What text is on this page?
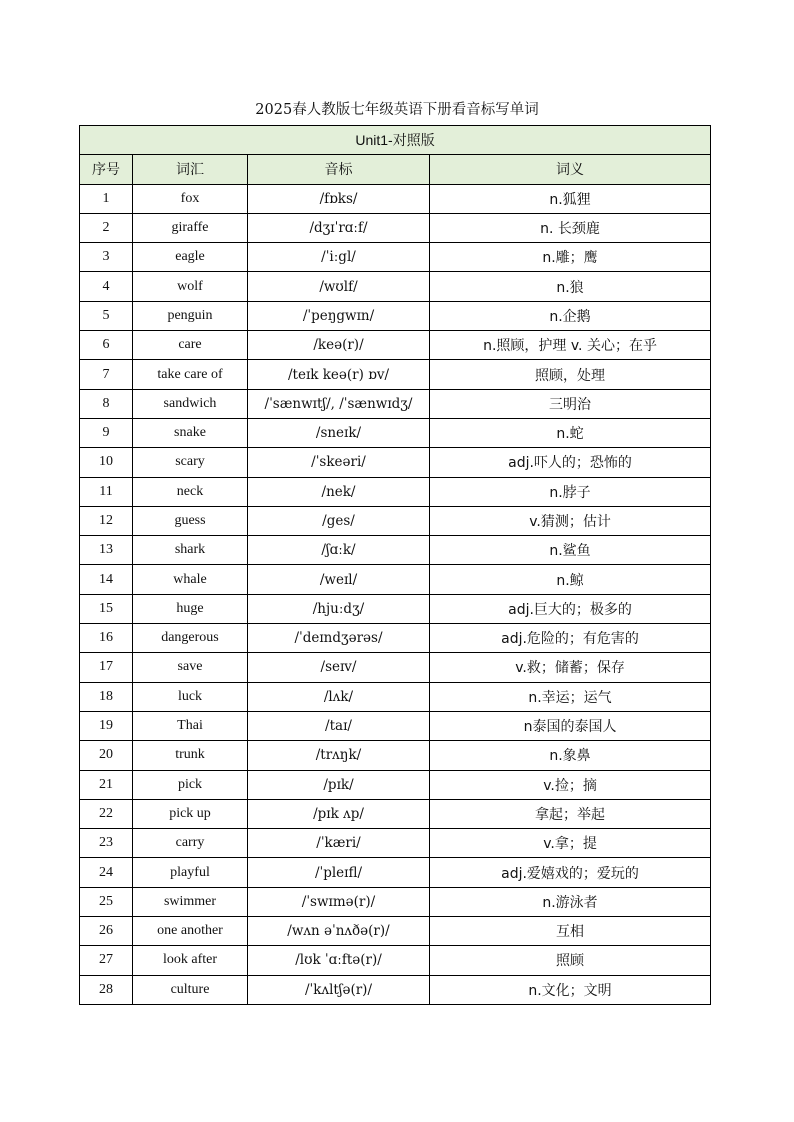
2025春人教版七年级英语下册看音标写单词
Unit1-对照版			
序号	词汇	音标	词义
1	fox	/fɒks/	n.狐狸
2	giraffe	/dʒɪˈrɑːf/	n. 长颈鹿
3	eagle	/ˈiːgl/	n.雕；鹰
4	wolf	/wʊlf/	n.狼
5	penguin	/ˈpeŋgwɪn/	n.企鹅
6	care	/keə(r)/	n.照顾，护理 v. 关心；在乎
7	take care of	/teɪk keə(r) ɒv/	照顾，处理
8	sandwich	/ˈsænwɪtʃ/, /ˈsænwɪdʒ/	三明治
9	snake	/sneɪk/	n.蛇
10	scary	/ˈskeəri/	adj.吓人的；恐怖的
11	neck	/nek/	n.脖子
12	guess	/ges/	v.猜测；估计
13	shark	/ʃɑːk/	n.鲨鱼
14	whale	/weɪl/	n.鲸
15	huge	/hjuːdʒ/	adj.巨大的；极多的
16	dangerous	/ˈdeɪndʒərəs/	adj.危险的；有危害的
17	save	/seɪv/	v.救；储蓄；保存
18	luck	/lʌk/	n.幸运；运气
19	Thai	/taɪ/	n泰国的泰国人
20	trunk	/trʌŋk/	n.象鼻
21	pick	/pɪk/	v.捡；摘
22	pick up	/pɪk ʌp/	拿起；举起
23	carry	/ˈkæri/	v.拿；提
24	playful	/ˈpleɪfl/	adj.爱嬉戏的；爱玩的
25	swimmer	/ˈswɪmə(r)/	n.游泳者
26	one another	/wʌn əˈnʌðə(r)/	互相
27	look after	/lʊk ˈɑːftə(r)/	照顾
28	culture	/ˈkʌltʃə(r)/	n.文化；文明
